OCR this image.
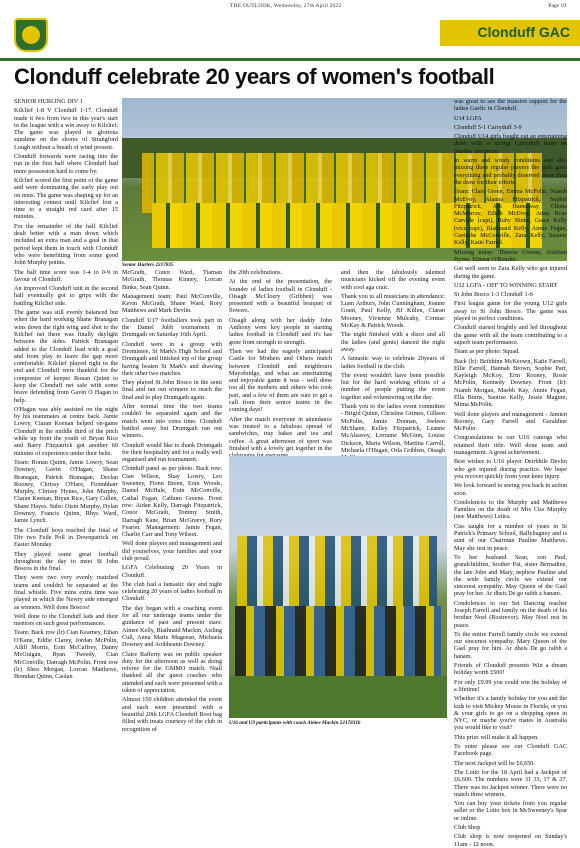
THE OUTLOOK, Wednesday, 27th April 2022	Page 19
Clonduff GAC
Clonduff celebrate 20 years of women's football

SENIOR HURLING DIV 1

Kilclief 1-8 V Clonduff 1-17. Clonduff made it two from two in this year's start to the league with a win away to Kilclief. The game was played in glorious sunshine on the shores of Strangford Lough without a breath of wind present.

Clonduff forwards were racing into the run in the first half where Clonduff had more possession hard to come by.

Kilclief scored the first point of the game and were dominating the early play out on tents. The game was shaping up for an interesting contest until Kilclief lost a time to a straight red card after 15 minutes.

For the remainder of the half Kilclief dealt better with a man down which included an extra man and a goal in that period kept them in touch with Clonduff who were benefitting from some good John Murphy points.

The half time score was 1-4 to 0-9 in favour of Clonduff.

An improved Clonduff unit in the second half eventually got to grips with the battling Kilclief side.

The game was still evenly balanced but when the hard working Shane Branagan wins down the right wing and shot to the Kilclief net there was finally daylight between the sides. Patrick Branagan added to the Clonduff lead with a goal and from play to leave the gap more comfortable. Kilclief played right to the end and Clonduff were thankful for the composure of keeper Ronan Quinn to keep the Clonduff net safe with some brave defending from Gavin O Hagan to help.

O'Hagan was ably assisted on the night by his teammates at centre back. Jamie Lowry, Ciaran Keenan helped on-game Clonduff in the middle third of the pitch while up front the youth of Bryan Rice and Barry Fitzpatrick got another 60 minutes of experience under their belts.

Team: Ronan Quinn, Jamie Lowry, Sean Downey, Gavin O'Hagan, Shane Branagan, Patrick Branagan, Declan Rooney, Chrissy O'Hare, Fionnbharr Murphy, Chrissy Hynes, John Murphy, Ciaran Keenan, Bryan Rice, Gary Cullen, Shane Hayes. Subs: Oisin Murphy, Dylan Downey, Francis Quinn, Rhys Ward, Jamie Lynch.

The Clonduff boys reached the final of Div two Feile Poll in Downpatrick on Easter Monday.

They played some great football throughout the day to meet St John Boscos in the final.

They were two very evenly matched teams and couldn't be separated at the final whistle. Five mins extra time was played in which the Newry side emerged as winners. Well done Boscos!

Well done to the Clonduff lads and their mentors on such great performances.

Team: Back row (lr) Cian Kearney, Ethan O'Kane, Eddie Clarey, Jordan McPolin, Ailill Morris, Eoin McCaffrey, Danny McGuigan, Ryan Tweedy, Cian McConville, Darragh McPolin. Front row (lr) Shea Morgan, Lorcan Matthews, Brendan Quinn, Caolan

Senior Hurlers 2217835

McGrath, Conor Ward, Tiarnan McGrath, Thomas Kinney, Lorcan Binks, Sean Quinn.

Management team: Paul McConville, Kevin McGrath, Shane Ward, Rory Matthews and Mark Devlin.

Clonduff U17 footballers took part in the Daniel Jubb tournament in Drumgath on Saturday 16th April.

Clonduff were in a group with Dromintee, St Mark's High School and Drumgath and finished top of the group having beaten St Mark's and drawing their other two matches.

They played St John Bosco in the semi final and ran out winners to reach the final and to play Drumgath again.

After normal time the two teams couldn't be separated again and the match went into extra time. Clonduff battled away but Drumgath ran out winners.

Clonduff would like to thank Drumgath for their hospitality and for a really well organised and run tournament.

Clonduff panel as per photo: Back row: Cian Wilson, Shay Lowry, Leo Sweeney, Fionn Breen, Eoin Woods, Daniel McHale, Eoin McConville, Cathal Fegan, Cathum Greene. Front row: Aidan Kelly, Darragh Fitzpatrick, Conor McGrath, Tommy Smith, Darragh Kane, Brian McGreevy, Rory Fearon. Management: Jamie Fegan, Charlie Carr and Tony Wilson.

Well done players and management and did yourselves, your families and your club proud.

LGFA Celebrating 20 Years in Clonduff.

The club had a fantastic day and night celebrating 20 years of ladies football in Clonduff.

The day began with a coaching event for all our underage teams under the guidance of past and present stars: Aimee Kelly, Blathnaid Mackin, Aisling Cull, Anna Marie Mageean, Michaela Downey and Aoibheann Downey.

Claire Rafferty was on public speaker duty for the afternoon as well as doing referee for the GMMO match. Niall thanked all the guest coaches who attended and each were presented with a token of appreciation.

Almost 150 children attended the event and each were presented with a beautiful 20th LGFA Clonduff Boot bag filled with treats courtesy of the club in recognition of

the 20th celebrations.

At the end of the presentation, the founder of ladies football in Clonduff - Oisagh McCloery (Gribben) was presented with a beautiful bouquet of flowers.

Oisagh along with her daddy John Anthony were key people in starting ladies football in Clonduff and it's has gone from strength to strength.

Then we had the eagerly anticipated Castle for Mothers and Others match between Clonduff and neighbours Mayobridge, and what an entertaining and enjoyable game it was - well done too all the mothers and others who took part, and a few of them are sure to get a call from their senior teams in the coming days!

After the match everyone in attendance was treated to a fabulous spread of sandwiches, tray bakes and tea and coffee. A great afternoon of sport was finished with a lovely get together in the

and then the fabulously talented musicians kicked off the evening event with cool aga craic.

Thank you to all musicians in attendance: Liam Arthurs, John Cunningham, Joanne Grant, Paul Kelly, BJ Killen, Ciaran Mooney, Vivienne Mulcahy, Cormac McKay & Patrick Woods.

The night finished with a disco and all the ladies (and gents) danced the night away.

A fantastic way to celebrate 20years of ladies football in the club.

The event wouldn't have been possible but for the hard working efforts of a number of people putting the event together and volunteering on the day.

Thank you to the ladies event committee - Brigid Quinn, Christine Grimes, Gilleen McPolin, Jamie Donnan, Joeleen McShane, Kelley Fitzpatrick, Leanne McAleavey, Lorraine McGinn, Louise Dickson, Maria Wilson, Martina Carroll, Michaela O'Hagan, Orla Gribben, Oisagh

U16 and U9 participants with coach Aimee Mackin 2217831b

was great to see the massive support for the ladies Gaelic in Clonduff.

U14 LGFA

Clonduff 5-1 Carryduff 3-9

Clonduff U14 girls fought out an entertaining draw with a strong Carryduff team on Sunday afternoon.

In warm and windy conditions and also missing three regular players the girls gave everything and probably deserved more than the draw for their efforts.

Team: Clare Green, Emma McPolin, Niamh McEvoy, Alanna Fitzpatrick, Sophie Fitzpatrick, Abi Hannaway, Cliona McMurray, Eilidh McEvoy, Anna Rose Carville (capt), Ruby Binks, Grace Kelly (vice capt), Blathnaid Kelly, Aimie Fegan, Caoimhe McConville, Zara Kelly, Saoirse Kelly, Katie Farrell.

Missing today: Therese Cowan, Aishlinn Byrne, Eimear O'Rourke.

Get well soon to Zara Kelly who got injured during the game.

U12 LGFA - OFF TO WINNING START

St John Bosco 1-3 Clonduff 1-6

First league game for the young U12 girls away to St John Bosco. The game was played in perfect conditions.

Clonduff started brightly and led throughout the game with all the team contributing to a superb team performance.

Team as per photo: Squad.

Back (lr): Beibhinn McKeown, Katie Farrell, Ellie Farrell, Hannah Brown, Sophie Parr, Kayleigh McKoy, Erin Rooney, Rosie McPolin, Kennedy Downey. Front (lr): Niamh Morgan, Maebh Kay, Annie Fegan, Ella Burns, Saoirse Kelly, Jessie Maginn, Mima McPolin.

Well done players and management - Jamien Rooney, Gary Farrell and Geraldine McPolin.

Congratulations to our U16 camogs who retained their title. Well done team and management. A great achievement.

Best wishes to U16 player Deirbhile Devlin who got injured during practice. We hope you recover quickly from your knee injury.

We look forward to seeing you back in action soon.

Condolences to the Murphy and Matthews Families on the death of Mrs Ciss Murphy (nee Matthews) Leitra.

Ciss taught for a number of years in St Patrick's Primary School, Ballyhagney and is aunt of our Chairman Pauline Matthews. May she rest in peace.

To her husband Sean, son Paul, grandchildren, brother Pat, sister Bernadine, the late John and Mary, nephew Pauline and the wide family circle we extend our sincerest sympathy. May Queen of the Gael pray for her. Ar dheis De go raibh a hanam.

Condolences to our Set Dancing teacher Joseph Farrell and family on the death of his brother Noel (Rostrevor). May Noel rest in peace.

To the entire Farrell family circle we extend our sincerest sympathy. Mary Queen of the Gael pray for him. Ar dheis De go raibh a hanam.

Friends of Clonduff presents Win a dream holiday worth £500!

For only £9.99 you could win the holiday of a lifetime!

Whether it's a family holiday for you and the kids to visit Mickey Mouse in Florida, or you & your girls to go on a shopping spree in NYC, or maybe you've mates in Australia you would like to visit?

This prize will make it all happen.

To enter please see our Clonduff GAC Facebook page.

The next Jackpot will be £6,650.

The Lotto for the 18 April had a Jackpot of £6,600. The numbers were 31 33, 17 & 37. There was no Jackpot winner. There were no match three winners.

You can buy your tickets from you regular seller or the Lotto box in McSweeney's Spar or online.

Club Shop

Club shop is now reopened on Sunday's 11am - 12 noon.
